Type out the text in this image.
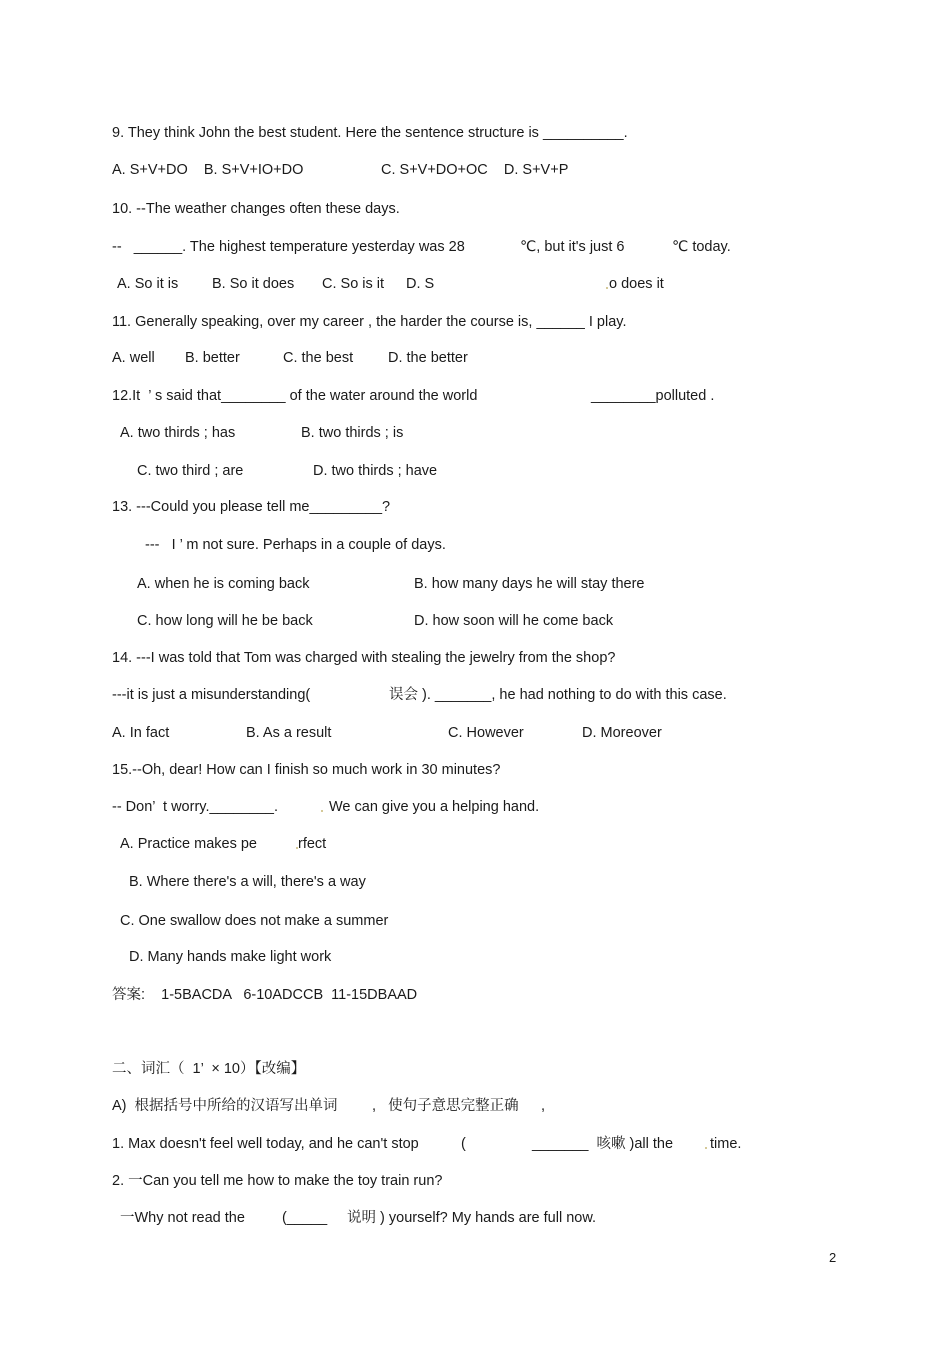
9. They think John the best student. Here the sentence structure is __________.
A. S+V+DO    B. S+V+IO+DO	C. S+V+DO+OC    D. S+V+P
10. --The weather changes often these days.
--   ______. The highest temperature yesterday was 28	℃, but it's just 6	℃ today.
A. So it is B. So it does C. So is it D. S	o does it
11. Generally speaking, over my career , the harder the course is, ______ I play.
A. well B. better	C. the best D. the better
12.It  ’ s said that________ of the water around the world	________polluted .
A. two thirds ; has	B. two thirds ; is
C. two third ; are	D. two thirds ; have
13. ---Could you please tell me_________?
---   I ’ m not sure. Perhaps in a couple of days.
A. when he is coming back	B. how many days he will stay there
C. how long will he be back	D. how soon will he come back
14. ---I was told that Tom was charged with stealing the jewelry from the shop?
---it is just a misunderstanding(	误会 ). _______, he had nothing to do with this case.
A. In fact	B. As a result	C. However	D. Moreover
15.--Oh, dear! How can I finish so much work in 30 minutes?
-- Don’  t worry.________.	We can give you a helping hand.
A. Practice makes pe	rfect
B. Where there's a will, there's a way
C. One swallow does not make a summer
D. Many hands make light work
答案:    1-5BACDA   6-10ADCCB  11-15DBAAD
二、词汇（  1’  × 10）【改编】
A)  根据括号中所给的汉语写出单词 ,   使句子意思完整正确 ,
1. Max doesn't feel well today, and he can't stop	(	_______  咳嗽 )all the	time.
2. 一Can you tell me how to make the toy train run?
一Why not read the	(_____ 说明 ) yourself? My hands are full now.
2
